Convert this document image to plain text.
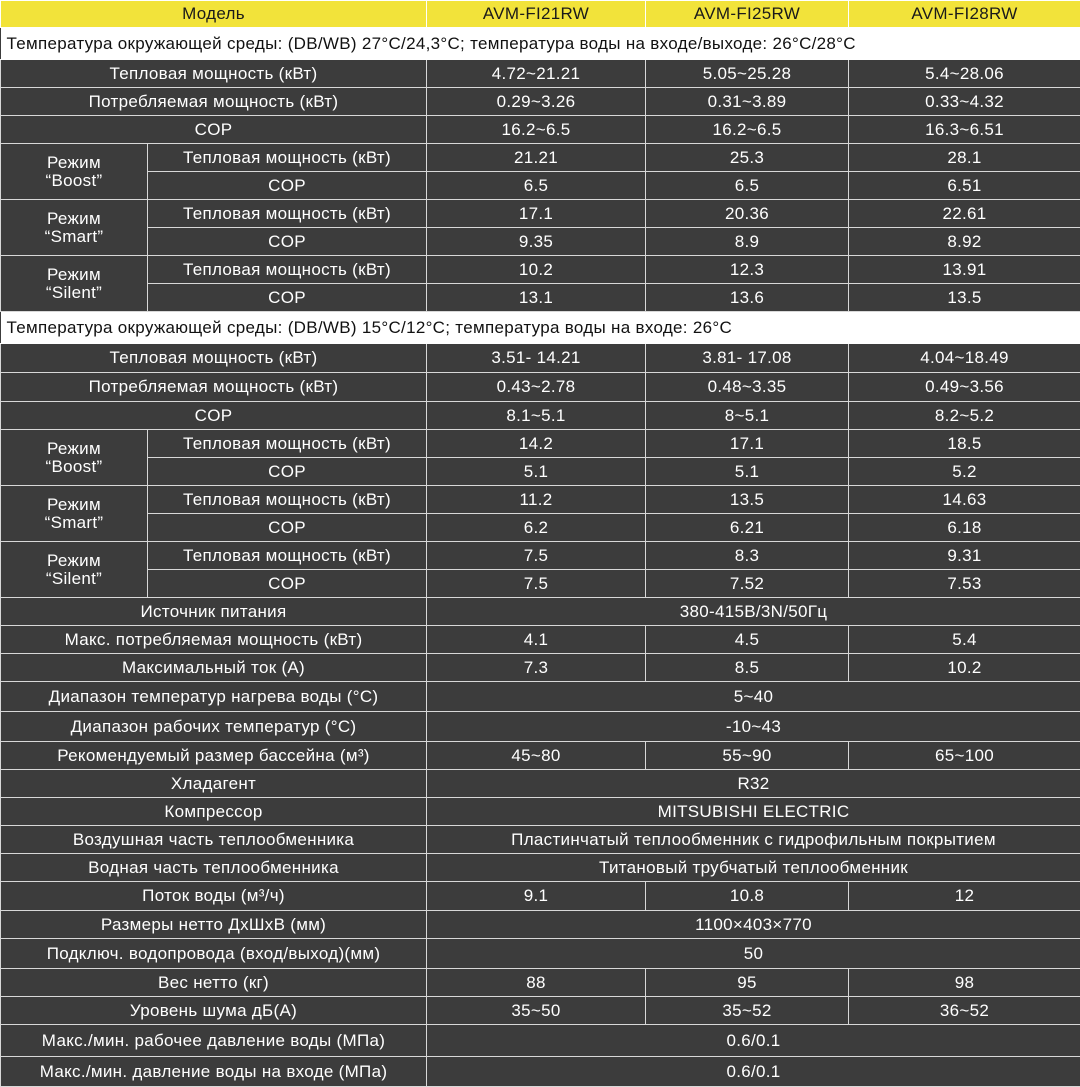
Модель		AVM-FI21RW	AVM-FI25RW	AVM-FI28RW
Температура окружающей среды: (DB/WB) 27°C/24,3°C; температура воды на входе/выходе: 26°C/28°C				
Тепловая мощность (кВт)		4.72~21.21	5.05~25.28	5.4~28.06
Потребляемая мощность (кВт)		0.29~3.26	0.31~3.89	0.33~4.32
COP		16.2~6.5	16.2~6.5	16.3~6.51

Режим
“Boost”	Тепловая мощность (кВт)	21.21	25.3	28.1
	COP	6.5	6.5	6.51

Режим
“Smart”	Тепловая мощность (кВт)	17.1	20.36	22.61
	COP	9.35	8.9	8.92

Режим
“Silent”	Тепловая мощность (кВт)	10.2	12.3	13.91
	COP	13.1	13.6	13.5
Температура окружающей среды: (DB/WB) 15°C/12°C; температура воды на входе: 26°C				
Тепловая мощность (кВт)		3.51- 14.21	3.81- 17.08	4.04~18.49
Потребляемая мощность (кВт)		0.43~2.78	0.48~3.35	0.49~3.56
COP		8.1~5.1	8~5.1	8.2~5.2

Режим
“Boost”	Тепловая мощность (кВт)	14.2	17.1	18.5
	COP	5.1	5.1	5.2

Режим
“Smart”	Тепловая мощность (кВт)	11.2	13.5	14.63
	COP	6.2	6.21	6.18

Режим
“Silent”	Тепловая мощность (кВт)	7.5	8.3	9.31
	COP	7.5	7.52	7.53
Источник питания		380-415В/3N/50Гц		
Макс. потребляемая мощность (кВт)		4.1	4.5	5.4
Максимальный ток (А)		7.3	8.5	10.2
Диапазон температур нагрева воды (°C)		5~40		
Диапазон рабочих температур (°C)		-10~43		
Рекомендуемый размер бассейна (м³)		45~80	55~90	65~100
Хладагент		R32		
Компрессор		MITSUBISHI ELECTRIC		
Воздушная часть теплообменника		Пластинчатый теплообменник с гидрофильным покрытием		
Водная часть теплообменника		Титановый трубчатый теплообменник		
Поток воды (м³/ч)		9.1	10.8	12
Размеры нетто ДхШхВ (мм)		1100×403×770		
Подключ. водопровода (вход/выход)(мм)		50		
Вес нетто (кг)		88	95	98
Уровень шума дБ(А)		35~50	35~52	36~52
Макс./мин. рабочее давление воды (МПа)		0.6/0.1		
Макс./мин. давление воды на входе (МПа)		0.6/0.1		
